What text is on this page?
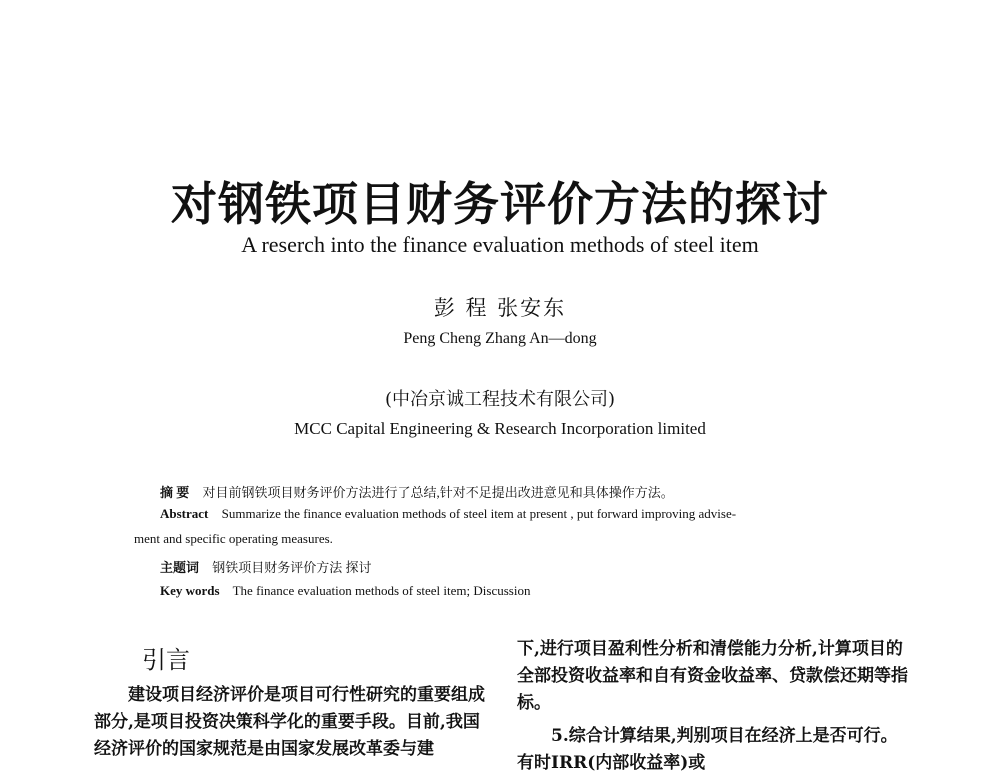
对钢铁项目财务评价方法的探讨
A reserch into the finance evaluation methods of steel item
彭 程 张安东
Peng Cheng Zhang An—dong
(中冶京诚工程技术有限公司)
MCC Capital Engineering & Research Incorporation limited
摘 要 对目前钢铁项目财务评价方法进行了总结,针对不足提出改进意见和具体操作方法。
Abstract Summarize the finance evaluation methods of steel item at present , put forward improving advise-
ment and specific operating measures.
主题词 钢铁项目财务评价方法 探讨
Key words The finance evaluation methods of steel item; Discussion
引言

建设项目经济评价是项目可行性研究的重要组成部分,是项目投资决策科学化的重要手段。目前,我国经济评价的国家规范是由国家发展改革委与建

下,进行项目盈利性分析和清偿能力分析,计算项目的全部投资收益率和自有资金收益率、贷款偿还期等指标。

5.综合计算结果,判别项目在经济上是否可行。

有时IRR(内部收益率)或
